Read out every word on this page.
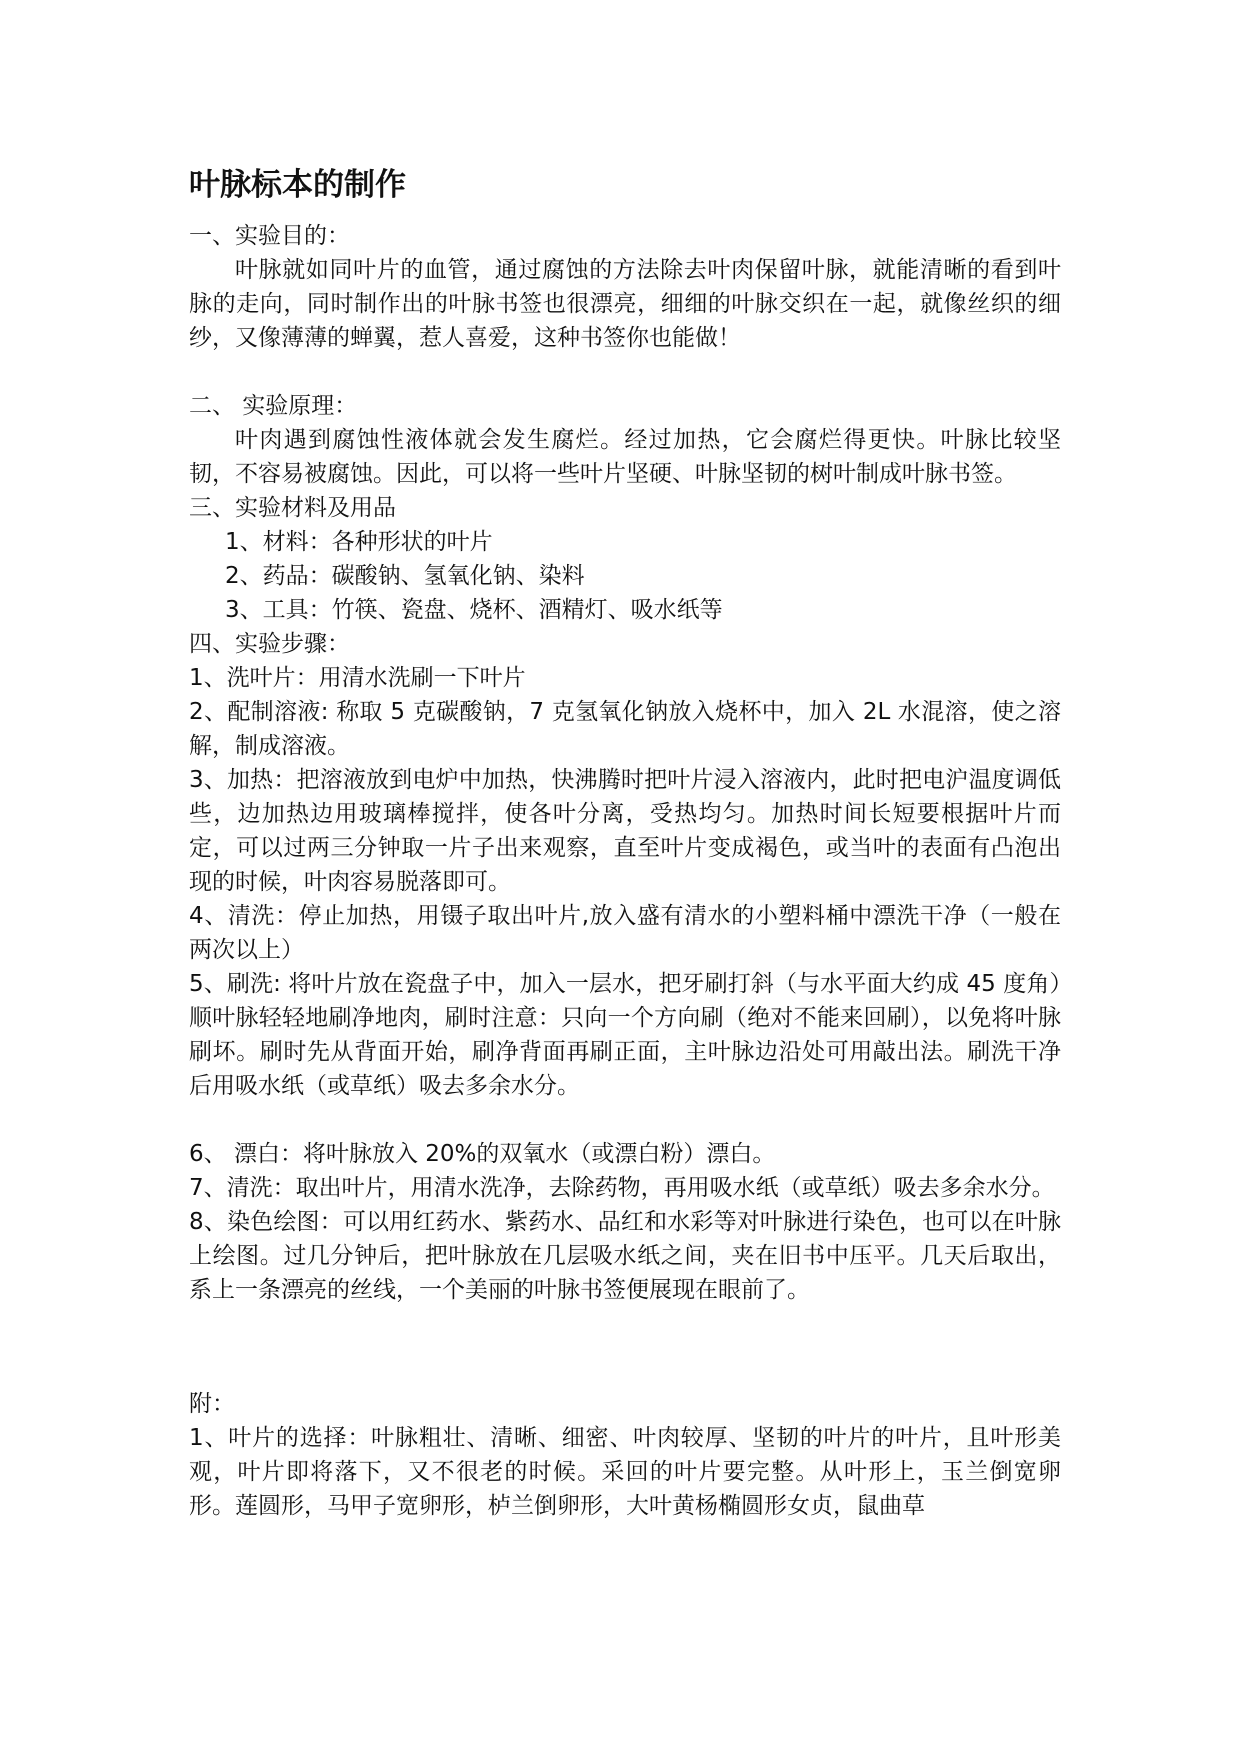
叶脉标本的制作

一、实验目的：

叶脉就如同叶片的血管，通过腐蚀的方法除去叶肉保留叶脉，就能清晰的看到叶脉的走向，同时制作出的叶脉书签也很漂亮，细细的叶脉交织在一起，就像丝织的细纱，又像薄薄的蝉翼，惹人喜爱，这种书签你也能做！

二、 实验原理：

叶肉遇到腐蚀性液体就会发生腐烂。经过加热，它会腐烂得更快。叶脉比较坚韧，不容易被腐蚀。因此，可以将一些叶片坚硬、叶脉坚韧的树叶制成叶脉书签。

三、实验材料及用品

1、材料：各种形状的叶片

2、药品：碳酸钠、氢氧化钠、染料

3、工具：竹筷、瓷盘、烧杯、酒精灯、吸水纸等

四、实验步骤：

1、洗叶片：用清水洗刷一下叶片

2、配制溶液: 称取 5 克碳酸钠，7 克氢氧化钠放入烧杯中，加入 2L 水混溶，使之溶解，制成溶液。

3、加热：把溶液放到电炉中加热，快沸腾时把叶片浸入溶液内，此时把电沪温度调低些，边加热边用玻璃棒搅拌，使各叶分离，受热均匀。加热时间长短要根据叶片而定，可以过两三分钟取一片子出来观察，直至叶片变成褐色，或当叶的表面有凸泡出现的时候，叶肉容易脱落即可。

4、清洗：停止加热，用镊子取出叶片,放入盛有清水的小塑料桶中漂洗干净（一般在两次以上）

5、刷洗: 将叶片放在瓷盘子中，加入一层水，把牙刷打斜（与水平面大约成 45 度角）顺叶脉轻轻地刷净地肉，刷时注意：只向一个方向刷（绝对不能来回刷），以免将叶脉刷坏。刷时先从背面开始，刷净背面再刷正面，主叶脉边沿处可用敲出法。刷洗干净后用吸水纸（或草纸）吸去多余水分。

6、 漂白：将叶脉放入 20%的双氧水（或漂白粉）漂白。

7、清洗：取出叶片，用清水洗净，去除药物，再用吸水纸（或草纸）吸去多余水分。

8、染色绘图：可以用红药水、紫药水、品红和水彩等对叶脉进行染色，也可以在叶脉上绘图。过几分钟后，把叶脉放在几层吸水纸之间，夹在旧书中压平。几天后取出，系上一条漂亮的丝线，一个美丽的叶脉书签便展现在眼前了。

附：

1、叶片的选择：叶脉粗壮、清晰、细密、叶肉较厚、坚韧的叶片的叶片，且叶形美观，叶片即将落下，又不很老的时候。采回的叶片要完整。从叶形上，玉兰倒宽卵形。莲圆形，马甲子宽卵形，栌兰倒卵形，大叶黄杨椭圆形女贞，鼠曲草
